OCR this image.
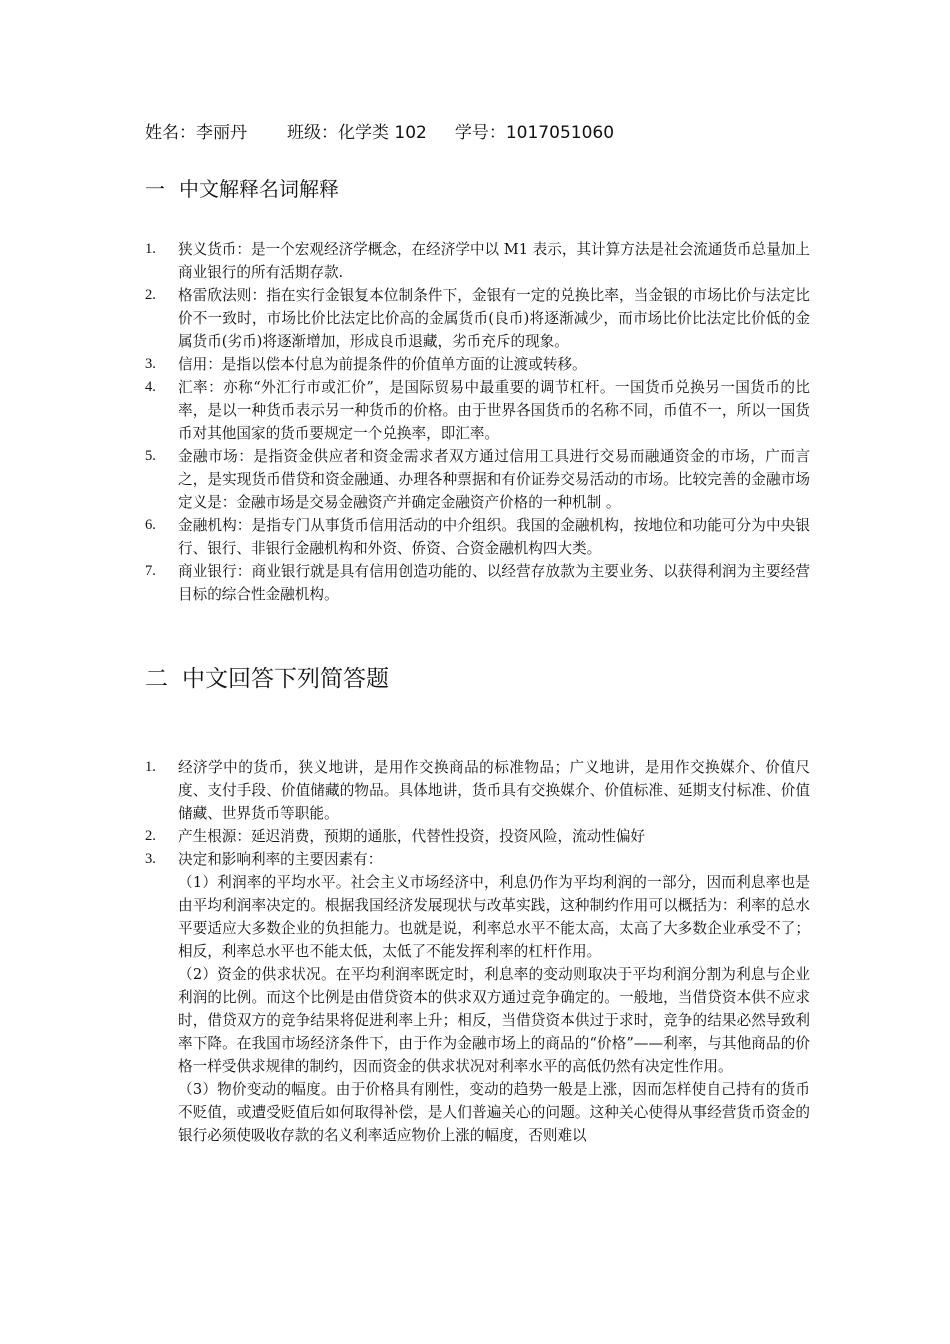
姓名：李丽丹 班级：化学类 102 学号：1017051060
一 中文解释名词解释
1. 狭义货币：是一个宏观经济学概念，在经济学中以 M1 表示，其计算方法是社会流通货币总量加上商业银行的所有活期存款.
2. 格雷欣法则：指在实行金银复本位制条件下，金银有一定的兑换比率，当金银的市场比价与法定比价不一致时，市场比价比法定比价高的金属货币(良币)将逐渐减少，而市场比价比法定比价低的金属货币(劣币)将逐渐增加，形成良币退藏，劣币充斥的现象。
3. 信用：是指以偿本付息为前提条件的价值单方面的让渡或转移。
4. 汇率：亦称“外汇行市或汇价”，是国际贸易中最重要的调节杠杆。一国货币兑换另一国货币的比率，是以一种货币表示另一种货币的价格。由于世界各国货币的名称不同，币值不一，所以一国货币对其他国家的货币要规定一个兑换率，即汇率。
5. 金融市场：是指资金供应者和资金需求者双方通过信用工具进行交易而融通资金的市场，广而言之，是实现货币借贷和资金融通、办理各种票据和有价证券交易活动的市场。比较完善的金融市场定义是：金融市场是交易金融资产并确定金融资产价格的一种机制 。
6. 金融机构：是指专门从事货币信用活动的中介组织。我国的金融机构，按地位和功能可分为中央银行、银行、非银行金融机构和外资、侨资、合资金融机构四大类。
7. 商业银行：商业银行就是具有信用创造功能的、以经营存放款为主要业务、以获得利润为主要经营目标的综合性金融机构。
二 中文回答下列简答题
1. 经济学中的货币，狭义地讲，是用作交换商品的标准物品；广义地讲，是用作交换媒介、价值尺度、支付手段、价值储藏的物品。具体地讲，货币具有交换媒介、价值标准、延期支付标准、价值储藏、世界货币等职能。
2. 产生根源：延迟消费，预期的通胀，代替性投资，投资风险，流动性偏好
3. 决定和影响利率的主要因素有：
（1）利润率的平均水平。社会主义市场经济中，利息仍作为平均利润的一部分，因而利息率也是由平均利润率决定的。根据我国经济发展现状与改革实践，这种制约作用可以概括为：利率的总水平要适应大多数企业的负担能力。也就是说，利率总水平不能太高，太高了大多数企业承受不了；相反，利率总水平也不能太低，太低了不能发挥利率的杠杆作用。
（2）资金的供求状况。在平均利润率既定时，利息率的变动则取决于平均利润分割为利息与企业利润的比例。而这个比例是由借贷资本的供求双方通过竞争确定的。一般地，当借贷资本供不应求时，借贷双方的竞争结果将促进利率上升；相反，当借贷资本供过于求时，竞争的结果必然导致利率下降。在我国市场经济条件下，由于作为金融市场上的商品的“价格”——利率，与其他商品的价格一样受供求规律的制约，因而资金的供求状况对利率水平的高低仍然有决定性作用。
（3）物价变动的幅度。由于价格具有刚性，变动的趋势一般是上涨，因而怎样使自己持有的货币不贬值，或遭受贬值后如何取得补偿，是人们普遍关心的问题。这种关心使得从事经营货币资金的银行必须使吸收存款的名义利率适应物价上涨的幅度，否则难以
